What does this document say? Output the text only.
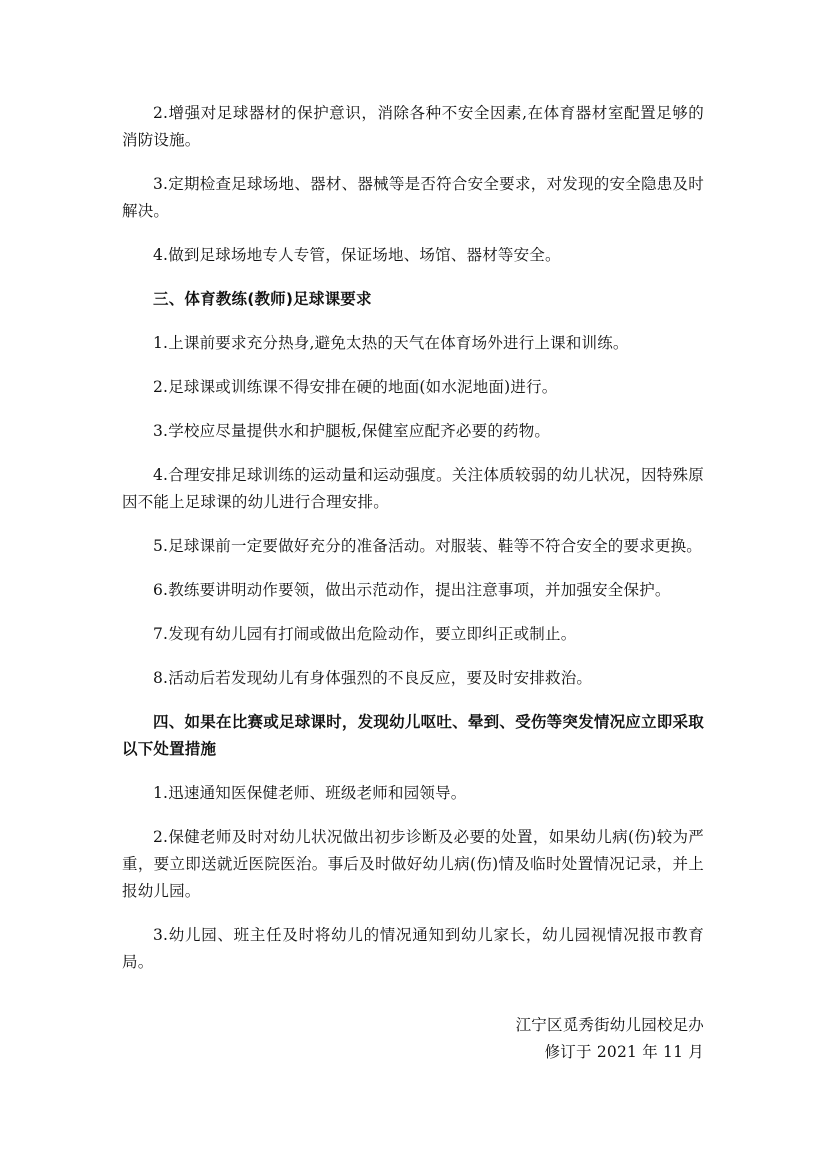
2.增强对足球器材的保护意识，消除各种不安全因素,在体育器材室配置足够的消防设施。

3.定期检查足球场地、器材、器械等是否符合安全要求，对发现的安全隐患及时解决。

4.做到足球场地专人专管，保证场地、场馆、器材等安全。

三、体育教练(教师)足球课要求

1.上课前要求充分热身,避免太热的天气在体育场外进行上课和训练。

2.足球课或训练课不得安排在硬的地面(如水泥地面)进行。

3.学校应尽量提供水和护腿板,保健室应配齐必要的药物。

4.合理安排足球训练的运动量和运动强度。关注体质较弱的幼儿状况，因特殊原因不能上足球课的幼儿进行合理安排。

5.足球课前一定要做好充分的准备活动。对服装、鞋等不符合安全的要求更换。

6.教练要讲明动作要领，做出示范动作，提出注意事项，并加强安全保护。

7.发现有幼儿园有打闹或做出危险动作，要立即纠正或制止。

8.活动后若发现幼儿有身体强烈的不良反应，要及时安排救治。

四、如果在比赛或足球课时，发现幼儿呕吐、晕到、受伤等突发情况应立即采取以下处置措施

1.迅速通知医保健老师、班级老师和园领导。

2.保健老师及时对幼儿状况做出初步诊断及必要的处置，如果幼儿病(伤)较为严重，要立即送就近医院医治。事后及时做好幼儿病(伤)情及临时处置情况记录，并上报幼儿园。

3.幼儿园、班主任及时将幼儿的情况通知到幼儿家长，幼儿园视情况报市教育局。

江宁区觅秀街幼儿园校足办
修订于 2021 年 11 月
